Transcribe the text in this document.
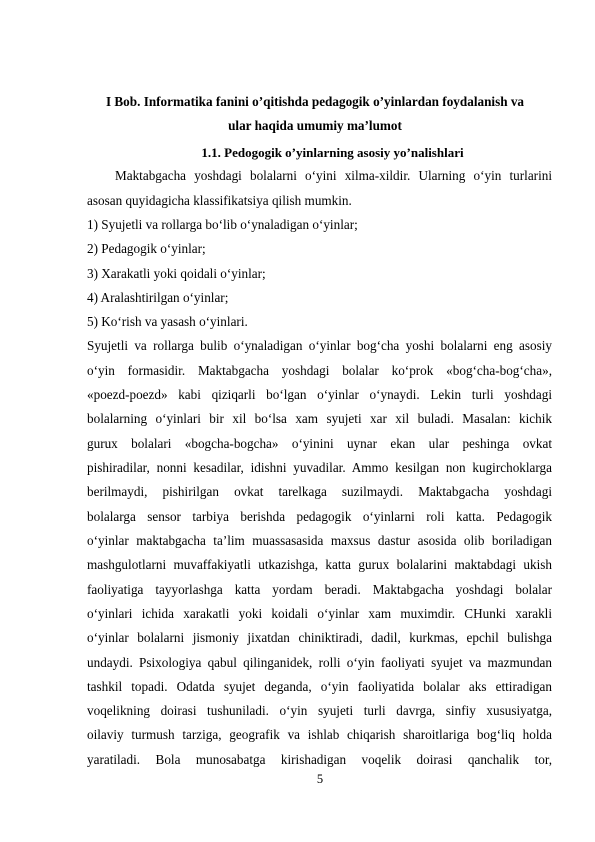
I Bob. Informatika fanini o’qitishda pedagogik o’yinlardan foydalanish va

ular haqida umumiy ma’lumot

1.1. Pedogogik o’yinlarning asosiy yo’nalishlari

Maktabgacha yoshdagi bolalarni o‘yini xilma-xildir. Ularning o‘yin turlarini

asosan quyidagicha klassifikatsiya qilish mumkin.

1) Syujetli va rollarga bo‘lib o‘ynaladigan o‘yinlar;

2) Pedagogik o‘yinlar;

3) Xarakatli yoki qoidali o‘yinlar;

4) Aralashtirilgan o‘yinlar;

5) Ko‘rish va yasash o‘yinlari.

Syujetli va rollarga bulib o‘ynaladigan o‘yinlar bog‘cha yoshi bolalarni eng asosiy

o‘yin formasidir. Maktabgacha yoshdagi bolalar ko‘prok «bog‘cha-bog‘cha»,

«poezd-poezd» kabi qiziqarli bo‘lgan o‘yinlar o‘ynaydi. Lekin turli yoshdagi

bolalarning o‘yinlari bir xil bo‘lsa xam syujeti xar xil buladi. Masalan: kichik

gurux bolalari «bogcha-bogcha» o‘yinini uynar ekan ular peshinga ovkat

pishiradilar, nonni kesadilar, idishni yuvadilar. Ammo kesilgan non kugirchoklarga

berilmaydi, pishirilgan ovkat tarelkaga suzilmaydi. Maktabgacha yoshdagi

bolalarga sensor tarbiya berishda pedagogik o‘yinlarni roli katta. Pedagogik

o‘yinlar maktabgacha ta’lim muassasasida maxsus dastur asosida olib boriladigan

mashgulotlarni muvaffakiyatli utkazishga, katta gurux bolalarini maktabdagi ukish

faoliyatiga tayyorlashga katta yordam beradi. Maktabgacha yoshdagi bolalar

o‘yinlari ichida xarakatli yoki koidali o‘yinlar xam muximdir. CHunki xarakli

o‘yinlar bolalarni jismoniy jixatdan chiniktiradi, dadil, kurkmas, epchil bulishga

undaydi. Psixologiya qabul qilinganidek, rolli o‘yin faoliyati syujet va mazmundan

tashkil topadi. Odatda syujet deganda, o‘yin faoliyatida bolalar aks ettiradigan

voqelikning doirasi tushuniladi. o‘yin syujeti turli davrga, sinfiy xususiyatga,

oilaviy turmush tarziga, geografik va ishlab chiqarish sharoitlariga bog‘liq holda

yaratiladi. Bola munosabatga kirishadigan voqelik doirasi qanchalik tor,

5
